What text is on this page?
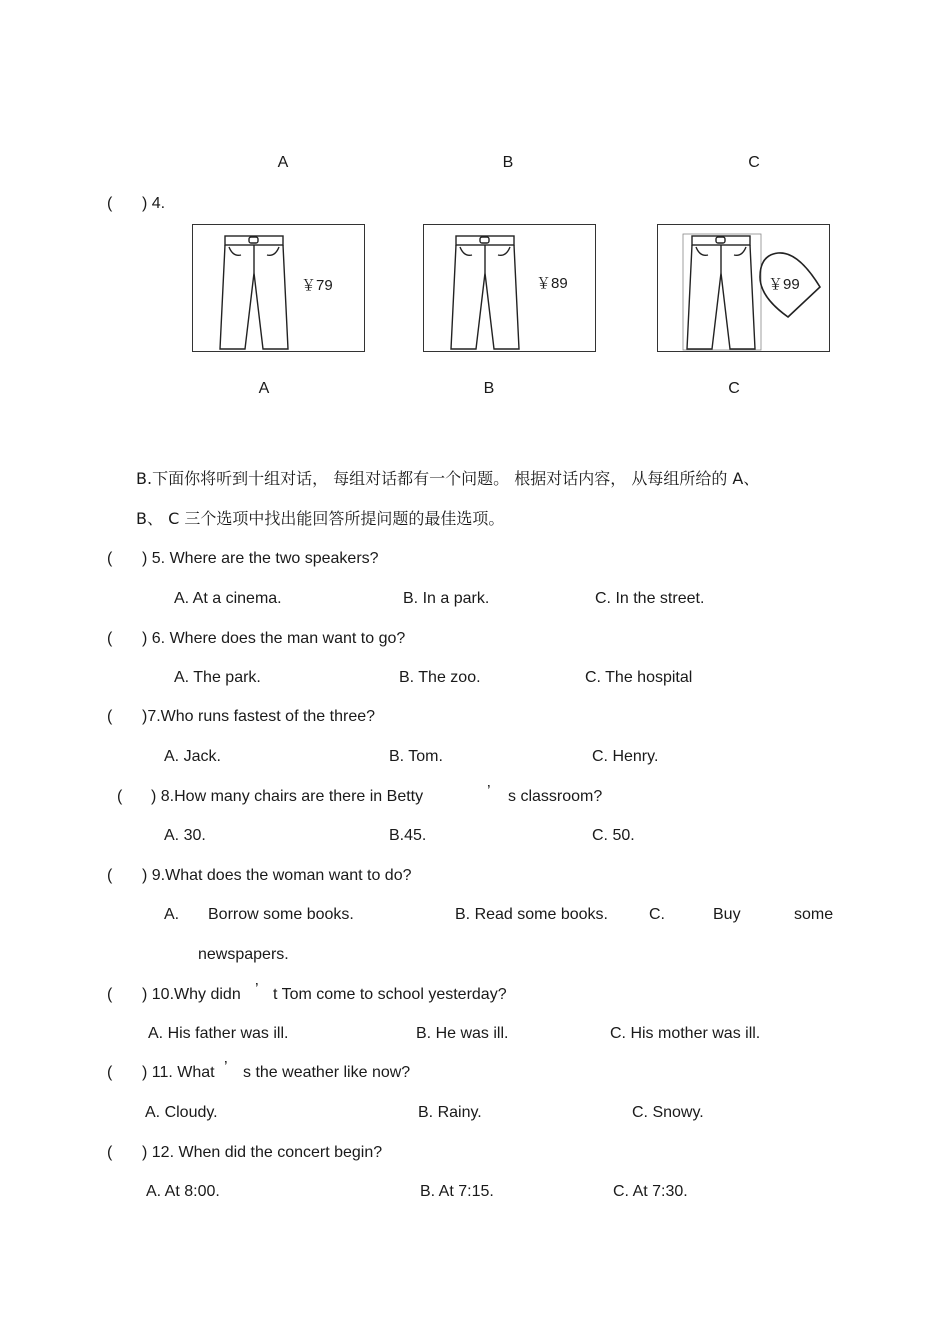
A	B	C
( ) 4.
￥79	￥89	￥99
A	B	C
B.下面你将听到十组对话， 每组对话都有一个问题。 根据对话内容， 从每组所给的 A、
B、 C 三个选项中找出能回答所提问题的最佳选项。
( ) 5. Where are the two speakers?
A. At a cinema.	B. In a park.	C. In the street.
( ) 6. Where does the man want to go?
A. The park.	B. The zoo.	C. The hospital
( )7.Who runs fastest of the three?
A. Jack.	B. Tom.	C. Henry.
( ) 8.How many chairs are there in Betty	’ s classroom?
A. 30.	B.45.	C. 50.
( ) 9.What does the woman want to do?
A. Borrow some books.	B. Read some books.	C.	Buy	some
newspapers.
( ) 10.Why didn ’ t Tom come to school yesterday?
A. His father was ill.	B. He was ill.	C. His mother was ill.
( ) 11. What ’ s the weather like now?
A. Cloudy.	B. Rainy.	C. Snowy.
( ) 12. When did the concert begin?
A. At 8:00.	B. At 7:15.	C. At 7:30.
